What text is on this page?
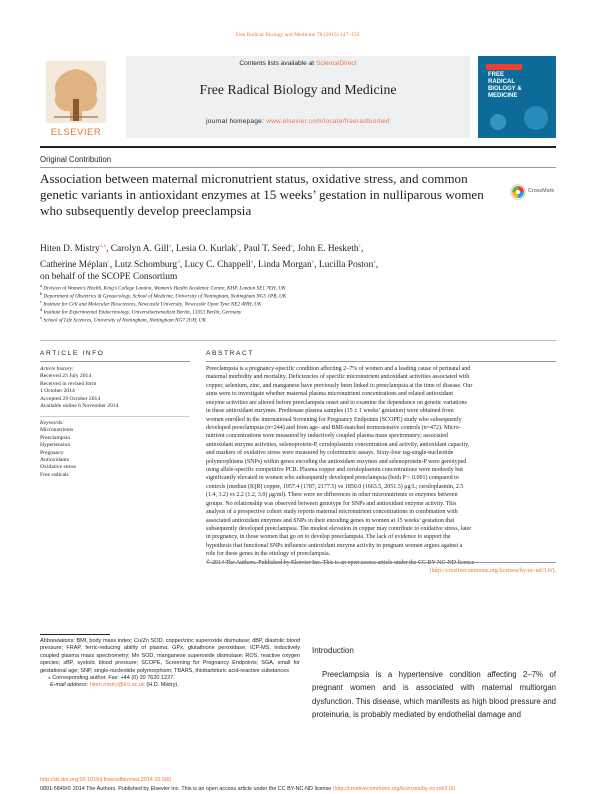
Free Radical Biology and Medicine 78 (2015) 147–155
ELSEVIER
Contents lists available at ScienceDirect
Free Radical Biology and Medicine
journal homepage: www.elsevier.com/locate/freeradbiomed
FREE
RADICAL
BIOLOGY &
MEDICINE
Original Contribution
Association between maternal micronutrient status, oxidative stress, and common genetic variants in antioxidant enzymes at 15 weeks’ gestation in nulliparous women who subsequently develop preeclampsia
CrossMark
Hiten D. Mistry$^{a,⁎}$, Carolyn A. Gill$^a$, Lesia O. Kurlak$^b$, Paul T. Seed$^a$, John E. Hesketh$^c$,
Catherine Méplan$^c$, Lutz Schomburg$^d$, Lucy C. Chappell$^a$, Linda Morgan$^e$, Lucilla Poston$^a$,
on behalf of the SCOPE Consortium
$^a$ Division of Women’s Health, King’s College London, Women’s Health Academic Centre, KHP, London SE1 7EH, UK
$^b$ Department of Obstetrics & Gynaecology, School of Medicine, University of Nottingham, Nottingham NG5 1PB, UK
$^c$ Institute for Cell and Molecular Biosciences, Newcastle University, Newcastle Upon Tyne NE2 4HH, UK
$^d$ Institute for Experimental Endocrinology, Universitaetsmedizin Berlin, 13353 Berlin, Germany
$^e$ School of Life Sciences, University of Nottingham, Nottingham NG7 2UH, UK
ARTICLE INFO
Article history:
Received 23 July 2014
Received in revised form
1 October 2014
Accepted 29 October 2014
Available online 6 November 2014
Keywords:
Micronutrients
Preeclampsia
Hypertension
Pregnancy
Antioxidants
Oxidative stress
Free radicals
ABSTRACT
Preeclampsia is a pregnancy-specific condition affecting 2–7% of women and a leading cause of perinatal and
maternal morbidity and mortality. Deficiencies of specific micronutrient antioxidant activities associated with
copper, selenium, zinc, and manganese have previously been linked to preeclampsia at the time of disease. Our
aims were to investigate whether maternal plasma micronutrient concentrations and related antioxidant
enzyme activities are altered before preeclampsia onset and to examine the dependence on genetic variations
in these antioxidant enzymes. Prediesase plasma samples (15 ± 1 weeks’ gestation) were obtained from
women enrolled in the international Screening for Pregnancy Endpoints (SCOPE) study who subsequently
developed preeclampsia (n=244) and from age- and BMI-matched normotensive controls (n=472). Micro-
nutrient concentrations were measured by inductively coupled plasma mass spectrometry; associated
antioxidant enzyme activities, selenoprotein-P, ceruloplasmin concentration and activity, antioxidant capacity,
and markers of oxidative stress were measured by colorimetric assays. Sixty-four tag-single-nucleotide
polymorphisms (SNPs) within genes encoding the antioxidant enzymes and selenoprotein-P were genotyped
using allele-specific competitive PCR. Plasma copper and ceruloplasmin concentrations were modestly but
significantly elevated in women who subsequently developed preeclampsia (both P < 0.001) compared to
controls (median (IQR) copper, 1957.4 (1787, 2177.5) vs 1850.0 (1663.5, 2051.5) μg/L; ceruloplasmin, 2.5
(1.4, 3.2) vs 2.2 (1.2, 3.0) μg/ml). There were no differences in other micronutrients or enzymes between
groups. No relationship was observed between genotype for SNPs and antioxidant enzyme activity. This
analysis of a prospective cohort study reports maternal micronutrient concentrations in combination with
associated antioxidant enzymes and SNPs in their encoding genes in women at 15 weeks’ gestation that
subsequently developed preeclampsia. The modest elevation in copper may contribute to oxidative stress, later
in pregnancy, in those women that go on to develop preeclampsia. The lack of evidence to support the
hypothesis that functional SNPs influence antioxidant enzyme activity in pregnant women argues against a
role for these genes in the etiology of preeclampsia.
(http://creativecommons.org/licenses/by-nc-nd/3.0/).
Abbreviations: BMI, body mass index; Cu/Zn SOD, copper/zinc superoxide dismutase; dBP, diastolic blood pressure; FRAP, ferric-reducing ability of plasma; GPx, glutathione peroxidase; ICP-MS, inductively coupled plasma mass spectrometry; Mn SOD, manganese superoxide dismutase; ROS, reactive oxygen species; sBP, systolic blood pressure; SCOPE, Screening for Pregnancy Endpoints; SGA, small for gestational age; SNP, single-nucleotide polymorphism; TBARS, thiobarbituric acid-reactive substances
⁎ Corresponding author. Fax: +44 (0) 20 7620 1227.
E-mail address: hiten.mistry@kcl.ac.uk (H.D. Mistry).
http://dx.doi.org/10.1016/j.freeradbiomed.2014.10.580
0891-5849/© 2014 The Authors. Published by Elsevier Inc. This is an open access article under the CC BY-NC-ND license (http://creativecommons.org/licenses/by-nc-nd/3.0/).
Introduction
Preeclampsia is a hypertensive condition affecting 2–7% of pregnant women and is associated with maternal multiorgan dysfunction. This disease, which manifests as high blood pressure and proteinuria, is probably mediated by endothelial damage and
